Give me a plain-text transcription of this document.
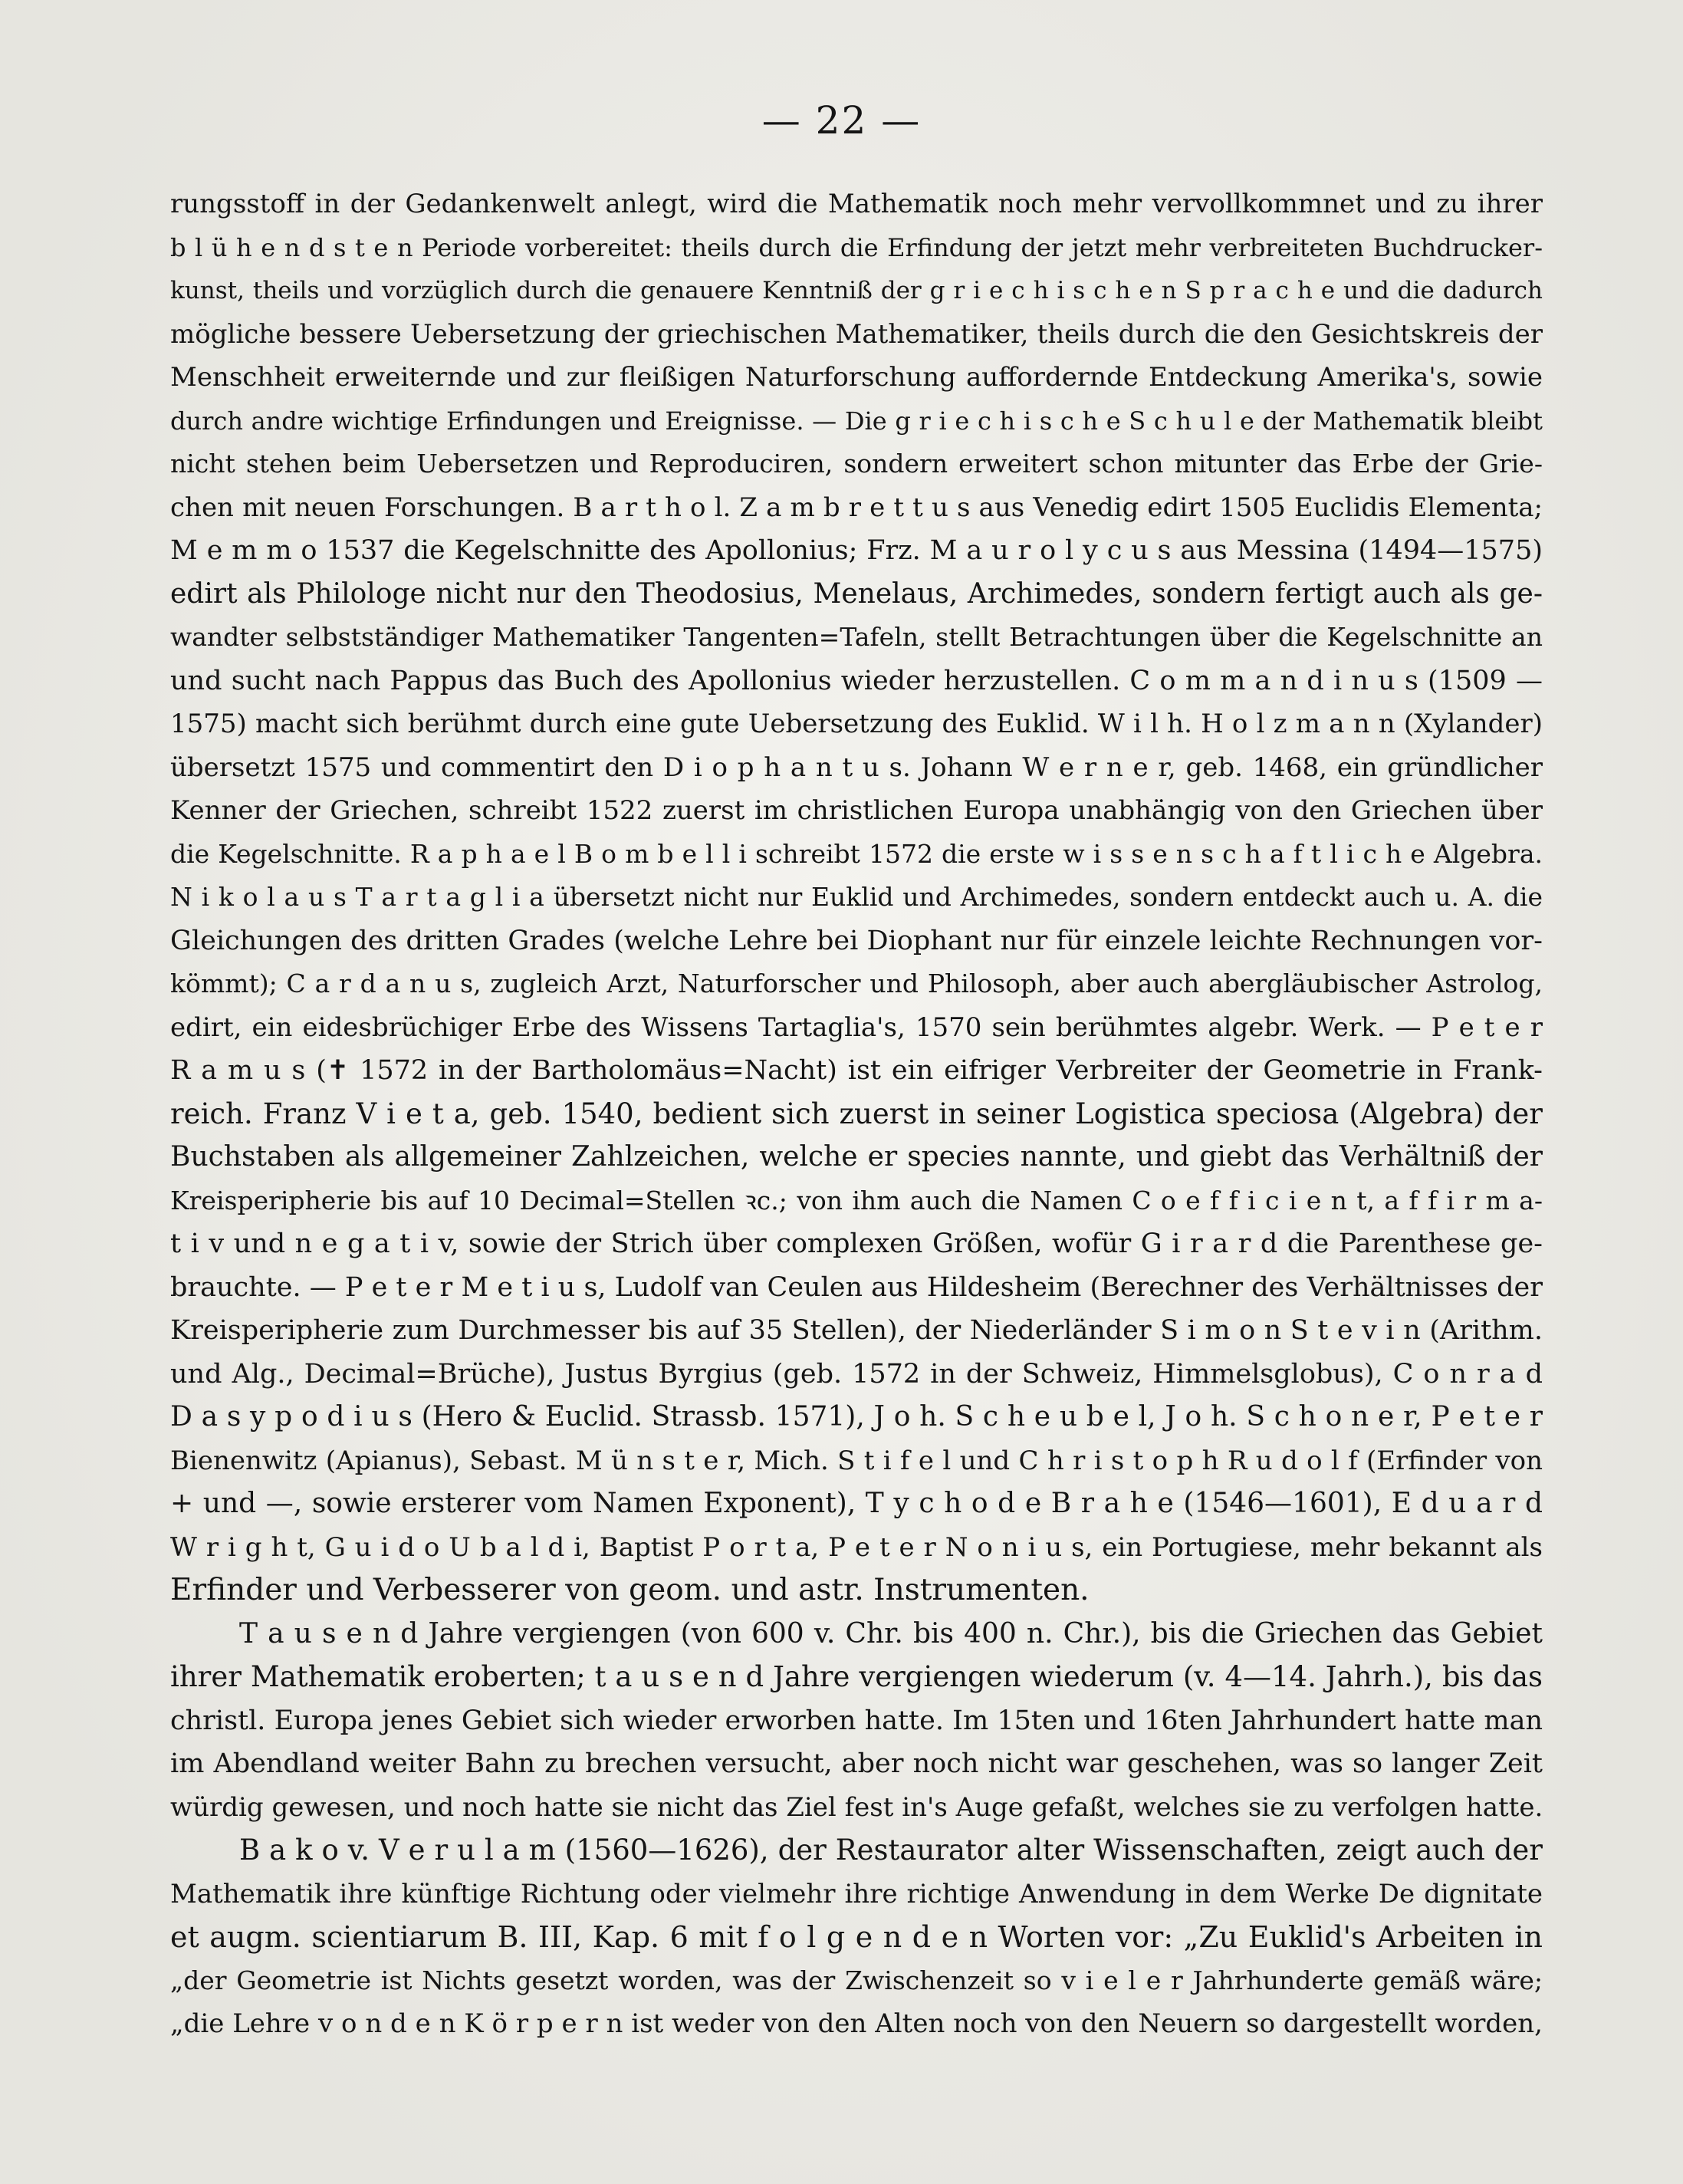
— 22 —
rungsstoff in der Gedankenwelt anlegt, wird die Mathematik noch mehr vervollkommnet und zu ihrer
b l ü h e n d s t e n Periode vorbereitet: theils durch die Erfindung der jetzt mehr verbreiteten Buchdrucker-
kunst, theils und vorzüglich durch die genauere Kenntniß der g r i e c h i s c h e n S p r a c h e und die dadurch
mögliche bessere Uebersetzung der griechischen Mathematiker, theils durch die den Gesichtskreis der
Menschheit erweiternde und zur fleißigen Naturforschung auffordernde Entdeckung Amerika's, sowie
durch andre wichtige Erfindungen und Ereignisse. — Die g r i e c h i s c h e S c h u l e der Mathematik bleibt
nicht stehen beim Uebersetzen und Reproduciren, sondern erweitert schon mitunter das Erbe der Grie-
chen mit neuen Forschungen. B a r t h o l. Z a m b r e t t u s aus Venedig edirt 1505 Euclidis Elementa;
M e m m o 1537 die Kegelschnitte des Apollonius; Frz. M a u r o l y c u s aus Messina (1494—1575)
edirt als Philologe nicht nur den Theodosius, Menelaus, Archimedes, sondern fertigt auch als ge-
wandter selbstständiger Mathematiker Tangenten=Tafeln, stellt Betrachtungen über die Kegelschnitte an
und sucht nach Pappus das Buch des Apollonius wieder herzustellen. C o m m a n d i n u s (1509 —
1575) macht sich berühmt durch eine gute Uebersetzung des Euklid. W i l h. H o l z m a n n (Xylander)
übersetzt 1575 und commentirt den D i o p h a n t u s. Johann W e r n e r, geb. 1468, ein gründlicher
Kenner der Griechen, schreibt 1522 zuerst im christlichen Europa unabhängig von den Griechen über
die Kegelschnitte. R a p h a e l B o m b e l l i schreibt 1572 die erste w i s s e n s c h a f t l i c h e Algebra.
N i k o l a u s T a r t a g l i a übersetzt nicht nur Euklid und Archimedes, sondern entdeckt auch u. A. die
Gleichungen des dritten Grades (welche Lehre bei Diophant nur für einzele leichte Rechnungen vor-
kömmt); C a r d a n u s, zugleich Arzt, Naturforscher und Philosoph, aber auch abergläubischer Astrolog,
edirt, ein eidesbrüchiger Erbe des Wissens Tartaglia's, 1570 sein berühmtes algebr. Werk. — P e t e r
R a m u s (✝ 1572 in der Bartholomäus=Nacht) ist ein eifriger Verbreiter der Geometrie in Frank-
reich. Franz V i e t a, geb. 1540, bedient sich zuerst in seiner Logistica speciosa (Algebra) der
Buchstaben als allgemeiner Zahlzeichen, welche er species nannte, und giebt das Verhältniß der
Kreisperipherie bis auf 10 Decimal=Stellen ꝛc.; von ihm auch die Namen C o e f f i c i e n t, a f f i r m a-
t i v und n e g a t i v, sowie der Strich über complexen Größen, wofür G i r a r d die Parenthese ge-
brauchte. — P e t e r M e t i u s, Ludolf van Ceulen aus Hildesheim (Berechner des Verhältnisses der
Kreisperipherie zum Durchmesser bis auf 35 Stellen), der Niederländer S i m o n S t e v i n (Arithm.
und Alg., Decimal=Brüche), Justus Byrgius (geb. 1572 in der Schweiz, Himmelsglobus), C o n r a d
D a s y p o d i u s (Hero & Euclid. Strassb. 1571), J o h. S c h e u b e l, J o h. S c h o n e r, P e t e r
Bienenwitz (Apianus), Sebast. M ü n s t e r, Mich. S t i f e l und C h r i s t o p h R u d o l f (Erfinder von
+ und —, sowie ersterer vom Namen Exponent), T y c h o d e B r a h e (1546—1601), E d u a r d
W r i g h t, G u i d o U b a l d i, Baptist P o r t a, P e t e r N o n i u s, ein Portugiese, mehr bekannt als
Erfinder und Verbesserer von geom. und astr. Instrumenten.
T a u s e n d Jahre vergiengen (von 600 v. Chr. bis 400 n. Chr.), bis die Griechen das Gebiet
ihrer Mathematik eroberten; t a u s e n d Jahre vergiengen wiederum (v. 4—14. Jahrh.), bis das
christl. Europa jenes Gebiet sich wieder erworben hatte. Im 15ten und 16ten Jahrhundert hatte man
im Abendland weiter Bahn zu brechen versucht, aber noch nicht war geschehen, was so langer Zeit
würdig gewesen, und noch hatte sie nicht das Ziel fest in's Auge gefaßt, welches sie zu verfolgen hatte.
B a k o v. V e r u l a m (1560—1626), der Restaurator alter Wissenschaften, zeigt auch der
Mathematik ihre künftige Richtung oder vielmehr ihre richtige Anwendung in dem Werke De dignitate
et augm. scientiarum B. III, Kap. 6 mit f o l g e n d e n Worten vor: „Zu Euklid's Arbeiten in
„der Geometrie ist Nichts gesetzt worden, was der Zwischenzeit so v i e l e r Jahrhunderte gemäß wäre;
„die Lehre v o n d e n K ö r p e r n ist weder von den Alten noch von den Neuern so dargestellt worden,
